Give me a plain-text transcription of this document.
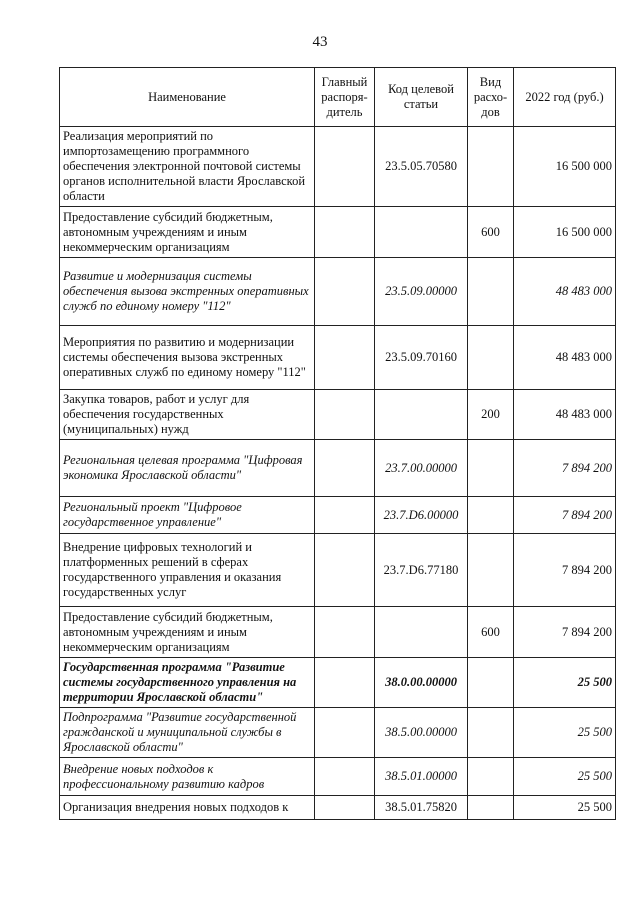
43
Наименование	Главный распоря-дитель	Код целевой статьи	Вид расхо-дов	2022 год (руб.)
Реализация мероприятий по импортозамещению программного обеспечения электронной почтовой системы органов исполнительной власти Ярославской области		23.5.05.70580		16 500 000
Предоставление субсидий бюджетным, автономным учреждениям и иным некоммерческим организациям			600	16 500 000
Развитие и модернизация системы обеспечения вызова экстренных оперативных служб по единому номеру "112"		23.5.09.00000		48 483 000
Мероприятия по развитию и модернизации системы обеспечения вызова экстренных оперативных служб по единому номеру "112"		23.5.09.70160		48 483 000
Закупка товаров, работ и услуг для обеспечения государственных (муниципальных) нужд			200	48 483 000
Региональная целевая программа "Цифровая экономика Ярославской области"		23.7.00.00000		7 894 200
Региональный проект "Цифровое государственное управление"		23.7.D6.00000		7 894 200
Внедрение цифровых технологий и платформенных решений в сферах государственного управления и оказания государственных услуг		23.7.D6.77180		7 894 200
Предоставление субсидий бюджетным, автономным учреждениям и иным некоммерческим организациям			600	7 894 200
Государственная программа "Развитие системы государственного управления на территории Ярославской области"		38.0.00.00000		25 500
Подпрограмма "Развитие государственной гражданской и муниципальной службы в Ярославской области"		38.5.00.00000		25 500
Внедрение новых подходов к профессиональному развитию кадров		38.5.01.00000		25 500
Организация внедрения новых подходов к		38.5.01.75820		25 500
